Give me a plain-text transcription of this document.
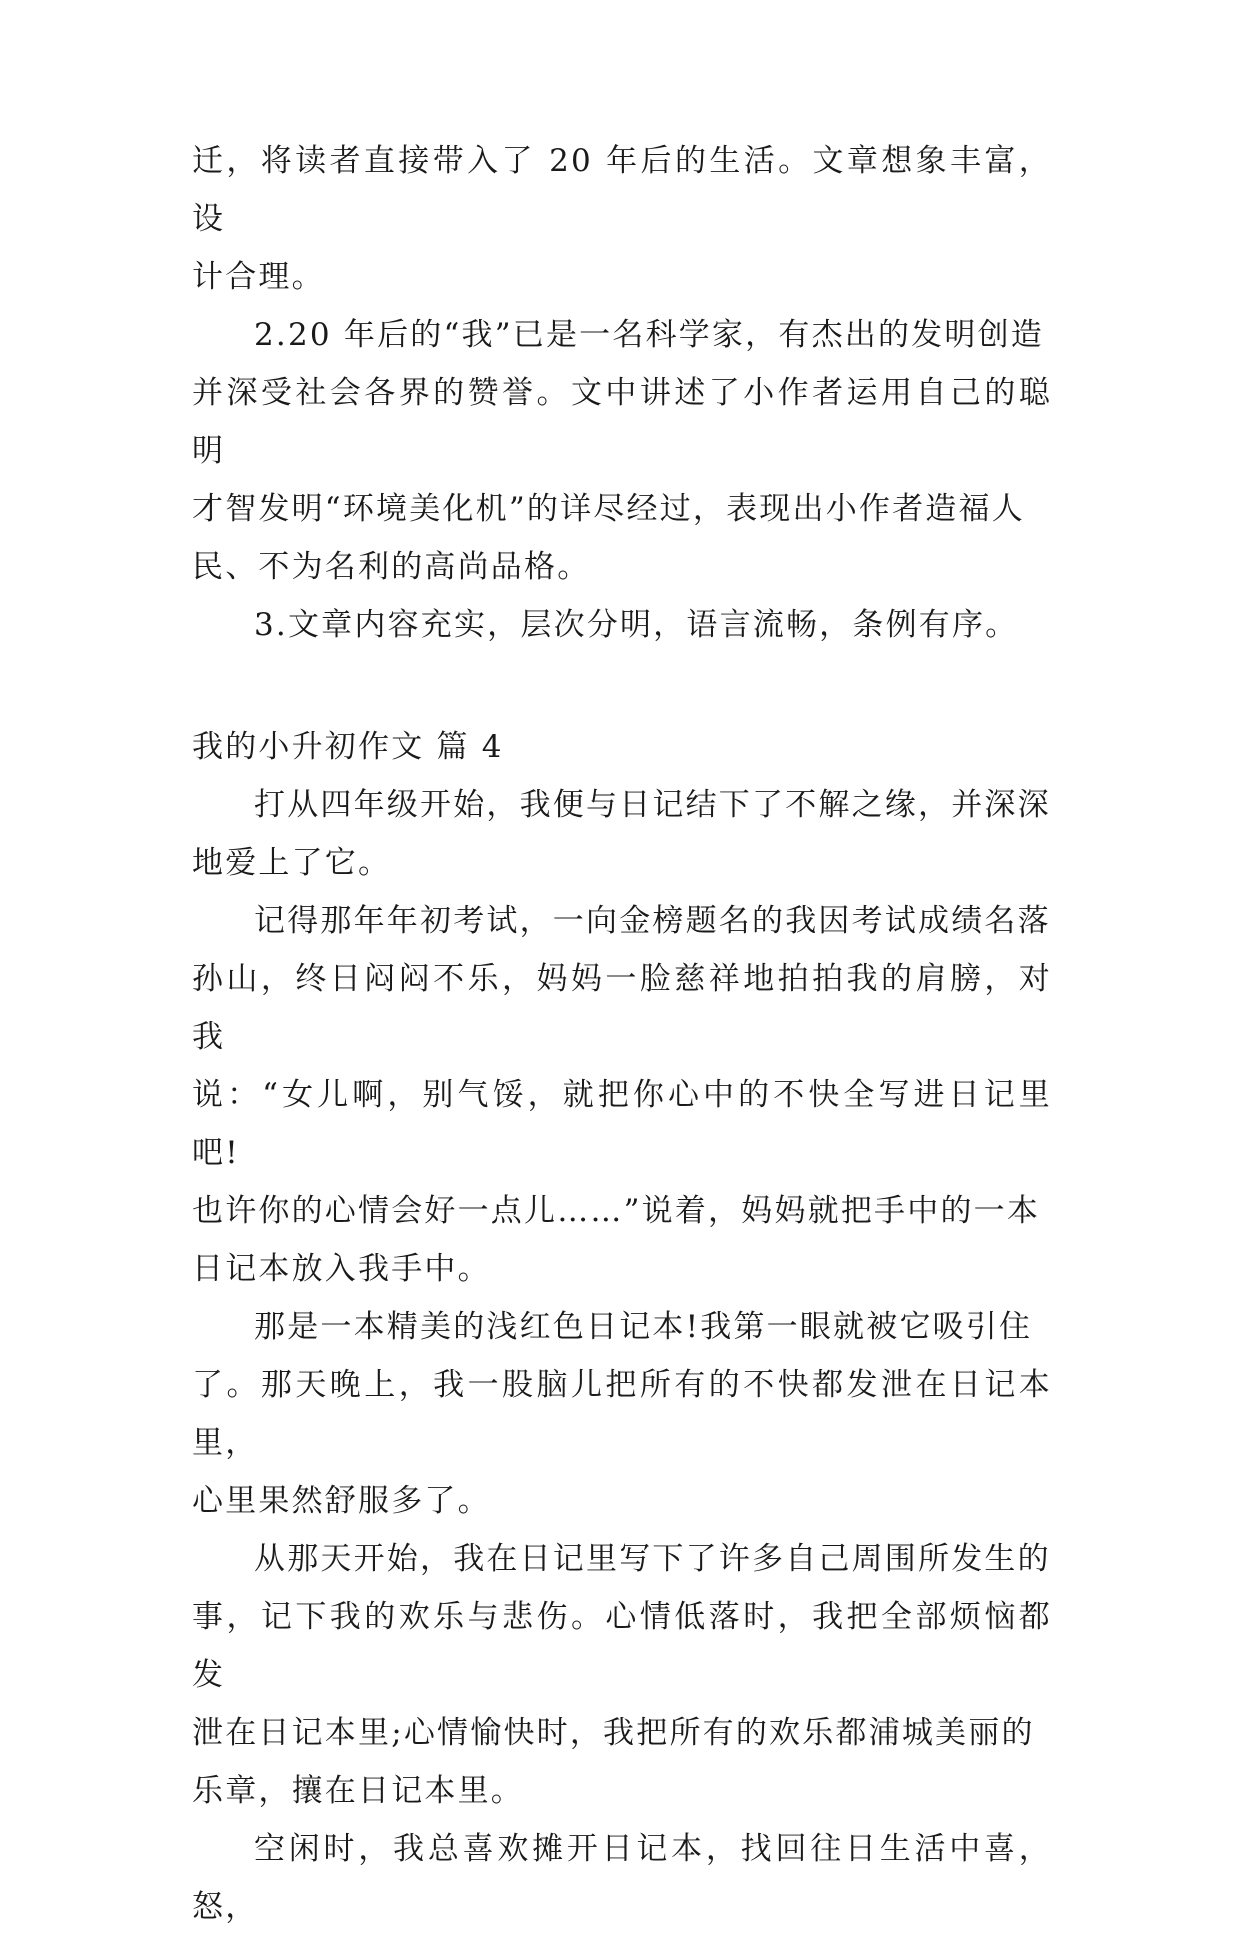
迁，将读者直接带入了 20 年后的生活。文章想象丰富，设
计合理。
2.20 年后的“我”已是一名科学家，有杰出的发明创造
并深受社会各界的赞誉。文中讲述了小作者运用自己的聪明
才智发明“环境美化机”的详尽经过，表现出小作者造福人
民、不为名利的高尚品格。
3.文章内容充实，层次分明，语言流畅，条例有序。
我的小升初作文 篇 4
打从四年级开始，我便与日记结下了不解之缘，并深深
地爱上了它。
记得那年年初考试，一向金榜题名的我因考试成绩名落
孙山，终日闷闷不乐，妈妈一脸慈祥地拍拍我的肩膀，对我
说：“女儿啊，别气馁，就把你心中的不快全写进日记里吧!
也许你的心情会好一点儿……”说着，妈妈就把手中的一本
日记本放入我手中。
那是一本精美的浅红色日记本!我第一眼就被它吸引住
了。那天晚上，我一股脑儿把所有的不快都发泄在日记本里，
心里果然舒服多了。
从那天开始，我在日记里写下了许多自己周围所发生的
事，记下我的欢乐与悲伤。心情低落时，我把全部烦恼都发
泄在日记本里;心情愉快时，我把所有的欢乐都浦城美丽的
乐章，攘在日记本里。
空闲时，我总喜欢摊开日记本，找回往日生活中喜，怒，
